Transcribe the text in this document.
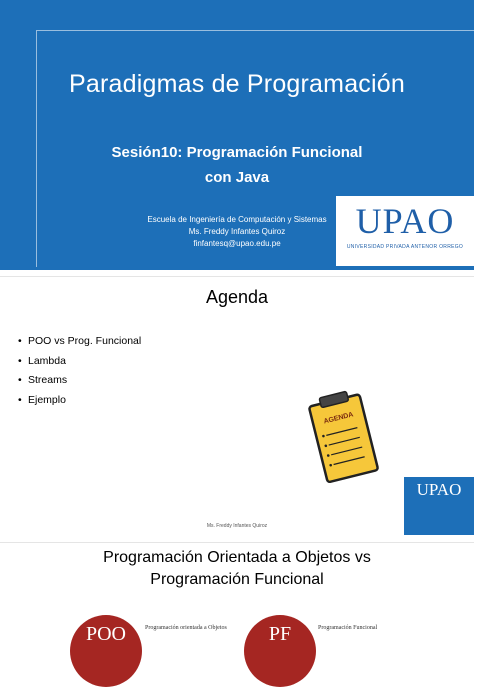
Paradigmas de Programación
Sesión10: Programación Funcional
con Java
Escuela de Ingeniería de Computación y Sistemas
Ms. Freddy Infantes Quiroz
finfantesq@upao.edu.pe
UPAO
UNIVERSIDAD PRIVADA ANTENOR ORREGO
Agenda
• POO vs Prog. Funcional
• Lambda
• Streams
• Ejemplo
AGENDA
Ms. Freddy Infantes Quiroz
UPAO
Programación Orientada a Objetos vs
Programación Funcional
POO	Programación orientada a Objetos	PF	Programación Funcional
